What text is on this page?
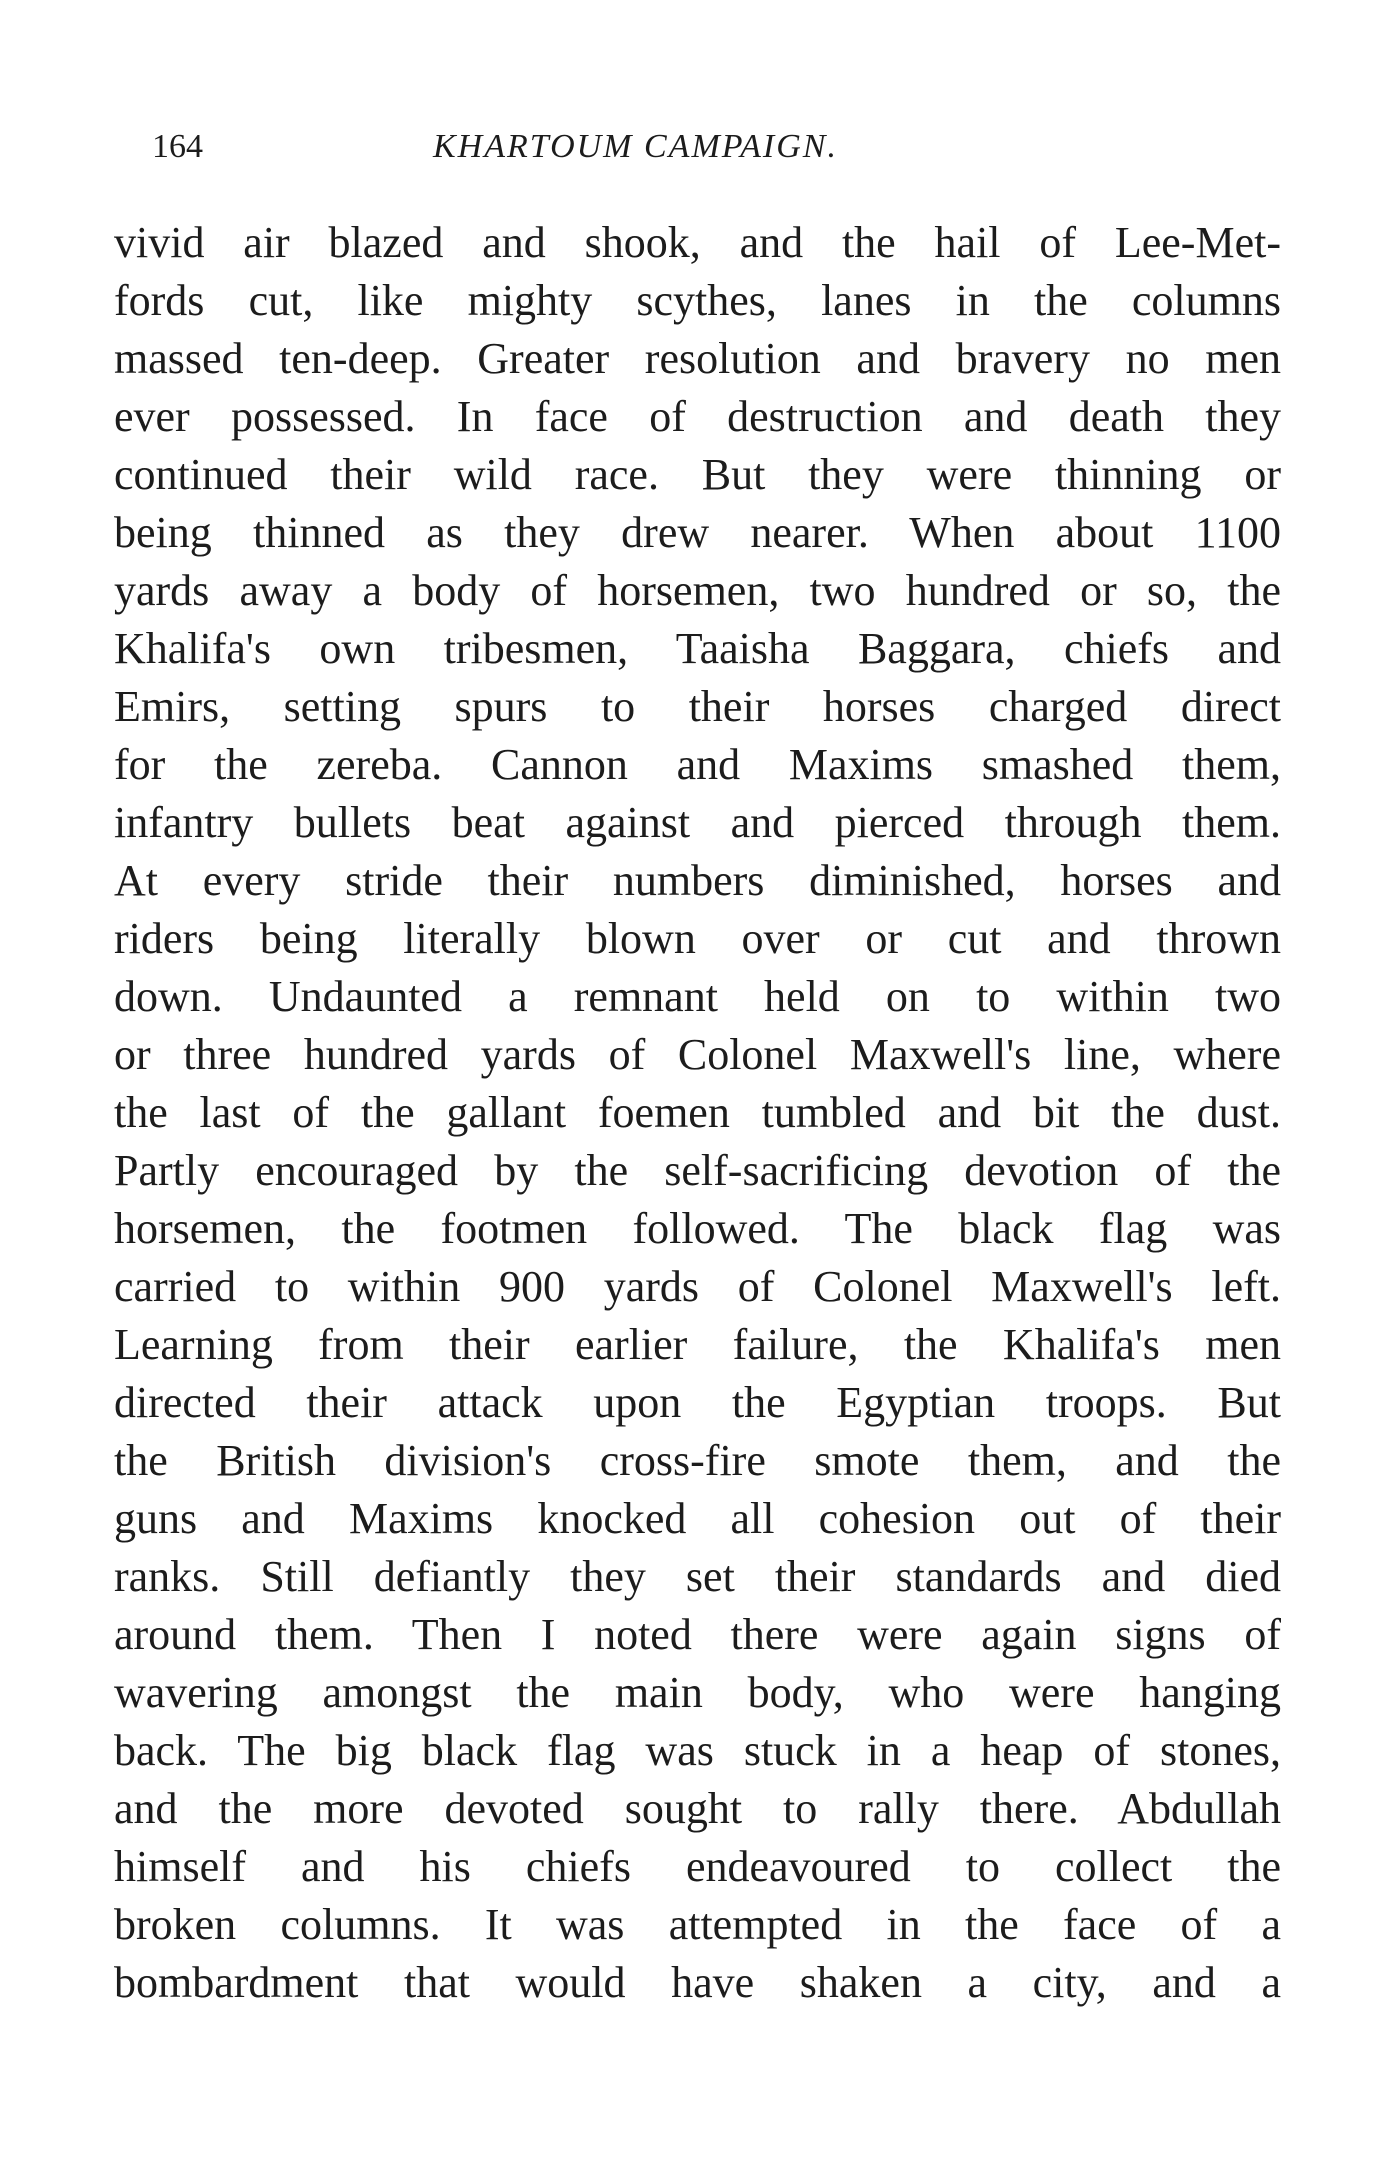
164	KHARTOUM CAMPAIGN.
vivid air blazed and shook, and the hail of Lee-Met-
fords cut, like mighty scythes, lanes in the columns
massed ten-deep. Greater resolution and bravery no men
ever possessed. In face of destruction and death they
continued their wild race. But they were thinning or
being thinned as they drew nearer. When about 1100
yards away a body of horsemen, two hundred or so, the
Khalifa's own tribesmen, Taaisha Baggara, chiefs and
Emirs, setting spurs to their horses charged direct
for the zereba. Cannon and Maxims smashed them,
infantry bullets beat against and pierced through them.
At every stride their numbers diminished, horses and
riders being literally blown over or cut and thrown
down. Undaunted a remnant held on to within two
or three hundred yards of Colonel Maxwell's line, where
the last of the gallant foemen tumbled and bit the dust.
Partly encouraged by the self-sacrificing devotion of the
horsemen, the footmen followed. The black flag was
carried to within 900 yards of Colonel Maxwell's left.
Learning from their earlier failure, the Khalifa's men
directed their attack upon the Egyptian troops. But
the British division's cross-fire smote them, and the
guns and Maxims knocked all cohesion out of their
ranks. Still defiantly they set their standards and died
around them. Then I noted there were again signs of
wavering amongst the main body, who were hanging
back. The big black flag was stuck in a heap of stones,
and the more devoted sought to rally there. Abdullah
himself and his chiefs endeavoured to collect the
broken columns. It was attempted in the face of a
bombardment that would have shaken a city, and a
